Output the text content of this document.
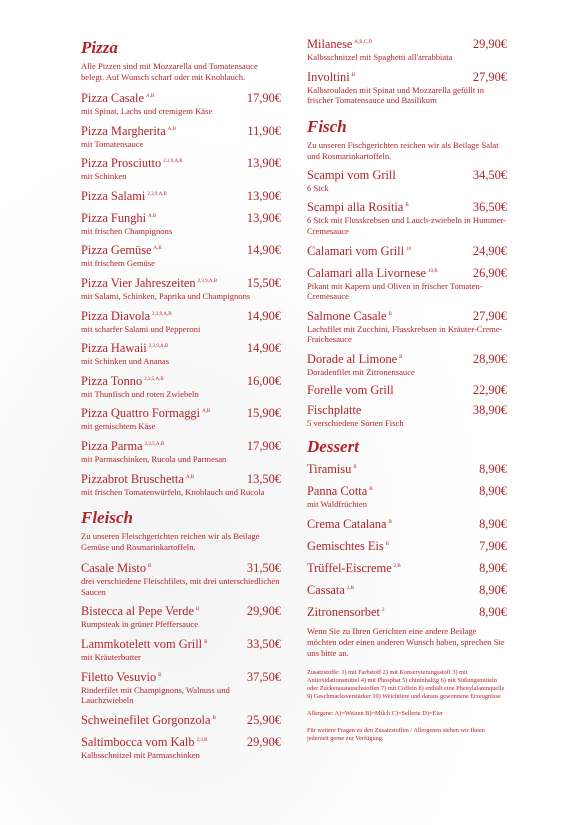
Pizza
Alle Pizzen sind mit Mozzarella und Tomatensauce belegt. Auf Wunsch scharf oder mit Knoblauch.
Pizza Casale $^{A,B}$	17,90€
mit Spinat, Lachs und cremigem Käse
Pizza Margherita $^{A,B}$	11,90€
mit Tomatensauce
Pizza Prosciutto $^{2,3,9,A,B}$	13,90€
mit Schinken
Pizza Salami $^{2,3,9,A,B}$	13,90€
Pizza Funghi $^{A,B}$	13,90€
mit frischen Champignons
Pizza Gemüse $^{A,B}$	14,90€
mit frischem Gemüse
Pizza Vier Jahreszeiten $^{2,3,9,A,B}$ 15,50€
mit Salami, Schinken, Paprika und Champignons
Pizza Diavola $^{2,3,9,A,B}$	14,90€
mit scharfer Salami und Pepperoni
Pizza Hawaii $^{2,3,9,A,B}$	14,90€
mit Schinken und Ananas
Pizza Tonno $^{2,3,5,A,B}$	16,00€
mit Thunfisch und roten Zwiebeln
Pizza Quattro Formaggi $^{A,B}$	15,90€
mit gemischtem Käse
Pizza Parma $^{2,3,5,A,B}$	17,90€
mit Parmaschinken, Rucola und Parmesan
Pizzabrot Bruschetta $^{A,B}$	13,50€
mit frischen Tomatenwürfeln, Knoblauch und Rucola
Fleisch
Zu unseren Fleischgerichten reichen wir als Beilage Gemüse und Rosmarinkartoffeln.
Casale Misto $^B$	31,50€
drei verschiedene Fleischfilets, mit drei unterschiedlichen Saucen
Bistecca al Pepe Verde $^B$	29,90€
Rumpsteak in grüner Pfeffersauce
Lammkotelett vom Grill $^B$	33,50€
mit Kräuterbutter
Filetto Vesuvio $^B$	37,50€
Rinderfilet mit Champignons, Walnuss und Lauchzwiebeln
Schweinefilet Gorgonzola $^B$	25,90€
Saltimbocca vom Kalb $^{2,3,B}$	29,90€
Kalbsschnitzel mit Parmaschinken
Milanese $^{A,B,C,D}$	29,90€
Kalbsschnitzel mit Spaghetti all'arrabbiata
Involtini $^B$	27,90€
Kalbsrouladen mit Spinat und Mozzarella gefüllt in frischer Tomatensauce und Basilikum
Fisch
Zu unseren Fischgerichten reichen wir als Beilage Salat und Rosmarinkartoffeln.
Scampi vom Grill	34,50€
6 Stck
Scampi alla Rositia $^B$	36,50€
6 Stck mit Flusskrebsen und Lauch-zwiebeln in Hummer-Cremesauce
Calamari vom Grill $^{10}$	24,90€
Calamari alla Livornese $^{10,B}$	26,90€
Pikant mit Kapern und Oliven in frischer Tomaten-Cremesauce
Salmone Casale $^B$	27,90€
Lachsfilet mit Zucchini, Flusskrebsen in Kräuter-Creme-Fraichesauce
Dorade al Limone $^B$	28,90€
Doradenfilet mit Zitronensauce
Forelle vom Grill	22,90€
Fischplatte	38,90€
5 verschiedene Sorten Fisch
Dessert
Tiramisu $^B$	8,90€
Panna Cotta $^B$	8,90€
mit Waldfrüchten
Crema Catalana $^B$	8,90€
Gemischtes Eis $^B$	7,90€
Trüffel-Eiscreme $^{2,B}$	8,90€
Cassata $^{2,B}$	8,90€
Zitronensorbet $^2$	8,90€
Wenn Sie zu Ihren Gerichten eine andere Beilage möchten oder einen anderen Wunsch haben, sprechen Sie uns bitte an.
Zusatzstoffe: 1) mit Farbstoff 2) mit Konservierungsstoff 3) mit Antioxidationsmittel 4) mit Phosphat 5) chininhaltig 6) mit Süßungsmitteln oder Zuckeraustauschstoffen 7) mit Coffein 8) enthält eine Phenylalaninquelle 9) Geschmacksverstärker 10) Weichtiere und daraus gewonnene Erzeugnisse
Allergene: A)=Weizen B)=Milch C)=Sellerie D)=Eier
Für weitere Fragen zu den Zusatzstoffen / Allergenen stehen wir Ihnen jederzeit gerne zur Verfügung.
